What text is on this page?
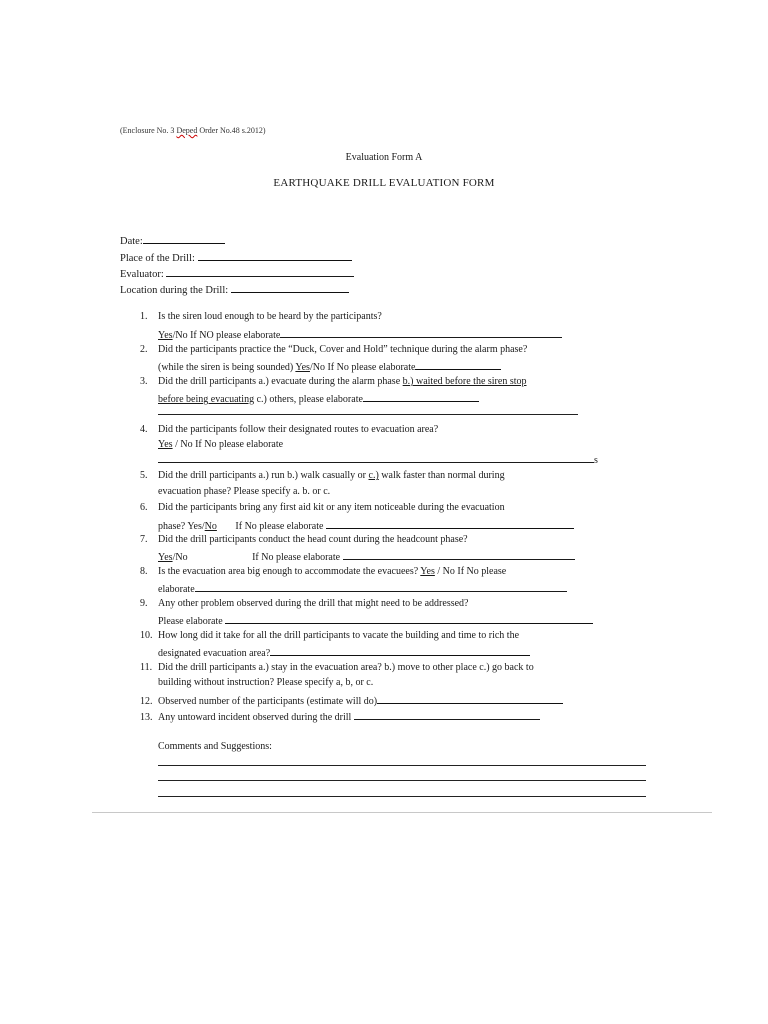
(Enclosure No. 3 Deped Order No.48 s.2012)
Evaluation Form A
EARTHQUAKE DRILL EVALUATION FORM
Date:
Place of the Drill:
Evaluator:
Location during the Drill:
1. Is the siren loud enough to be heard by the participants?
Yes/No If NO please elaborate
2. Did the participants practice the “Duck, Cover and Hold” technique during the alarm phase?
(while the siren is being sounded) Yes/No If No please elaborate
3. Did the drill participants a.) evacuate during the alarm phase b.) waited before the siren stop
before being evacuating c.) others, please elaborate
4. Did the participants follow their designated routes to evacuation area?
Yes / No If No please elaborate
s
5. Did the drill participants a.) run b.) walk casually or c.) walk faster than normal during
evacuation phase? Please specify a. b. or c.
6. Did the participants bring any first aid kit or any item noticeable during the evacuation
phase? Yes/No If No please elaborate
7. Did the drill participants conduct the head count during the headcount phase?
Yes/No	If No please elaborate
8. Is the evacuation area big enough to accommodate the evacuees? Yes / No If No please
elaborate
9. Any other problem observed during the drill that might need to be addressed?
Please elaborate
10. How long did it take for all the drill participants to vacate the building and time to rich the
designated evacuation area?
11. Did the drill participants a.) stay in the evacuation area? b.) move to other place c.) go back to
building without instruction? Please specify a, b, or c.
12. Observed number of the participants (estimate will do)
13. Any untoward incident observed during the drill
Comments and Suggestions:
